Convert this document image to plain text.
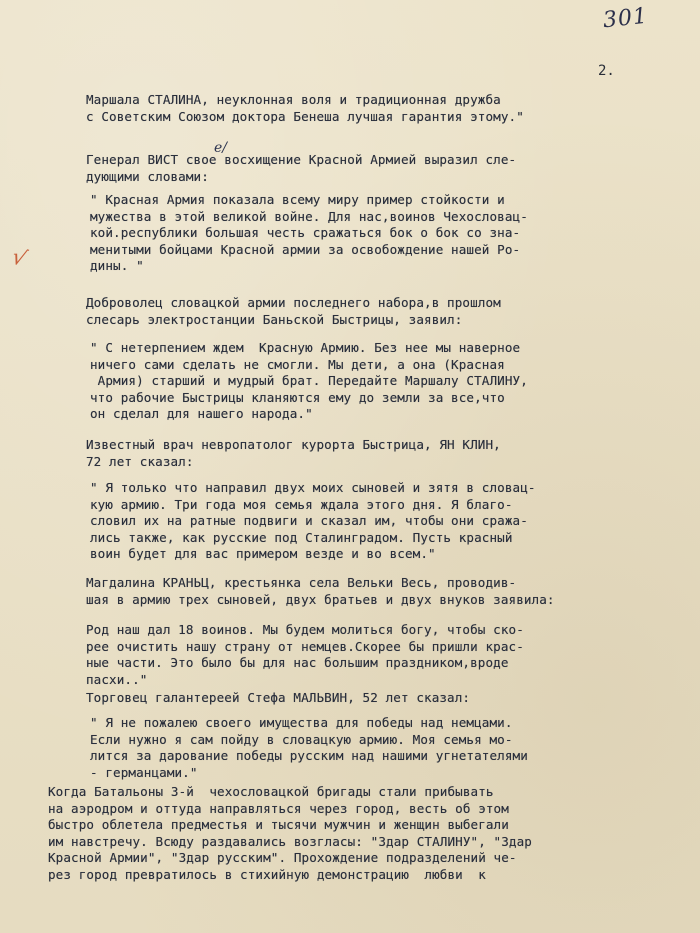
301
2.
√

Маршала СТАЛИНА, неуклонная воля и традиционная дружба

с Советским Союзом доктора Бенеша лучшая гарантия этому."

e/

Генерал ВИСТ свое восхищение Красной Армией выразил сле-

дующими словами:

" Красная Армия показала всему миру пример стойкости и

мужества в этой великой войне. Для нас,воинов Чехословац-

кой.республики большая честь сражаться бок о бок со зна-

менитыми бойцами Красной армии за освобождение нашей Ро-

дины. "

Доброволец словацкой армии последнего набора,в прошлом

слесарь электростанции Баньской Быстрицы, заявил:

" С нетерпением ждем  Красную Армию. Без нее мы наверное

ничего сами сделать не смогли. Мы дети, а она (Красная

Армия) старший и мудрый брат. Передайте Маршалу СТАЛИНУ,

что рабочие Быстрицы кланяются ему до земли за все,что

он сделал для нашего народа."

Известный врач невропатолог курорта Быстрица, ЯН КЛИН,

72 лет сказал:

" Я только что направил двух моих сыновей и зятя в словац-

кую армию. Три года моя семья ждала этого дня. Я благо-

словил их на ратные подвиги и сказал им, чтобы они сража-

лись также, как русские под Сталинградом. Пусть красный

воин будет для вас примером везде и во всем."

Магдалина КРАНЬЦ, крестьянка села Вельки Весь, проводив-

шая в армию трех сыновей, двух братьев и двух внуков заявила:

Род наш дал 18 воинов. Мы будем молиться богу, чтобы ско-

рее очистить нашу страну от немцев.Скорее бы пришли крас-

ные части. Это было бы для нас большим праздником,вроде

пасхи.."

Торговец галантереей Стефа МАЛЬВИН, 52 лет сказал:

" Я не пожалею своего имущества для победы над немцами.

Если нужно я сам пойду в словацкую армию. Моя семья мо-

лится за дарование победы русским над нашими угнетателями

- германцами."

Когда Батальоны 3-й  чехословацкой бригады стали прибывать

на аэродром и оттуда направляться через город, весть об этом

быстро облетела предместья и тысячи мужчин и женщин выбегали

им навстречу. Всюду раздавались возгласы: "Здар СТАЛИНУ", "Здар

Красной Армии", "Здар русским". Прохождение подразделений че-

рез город превратилось в стихийную демонстрацию  любви  к
